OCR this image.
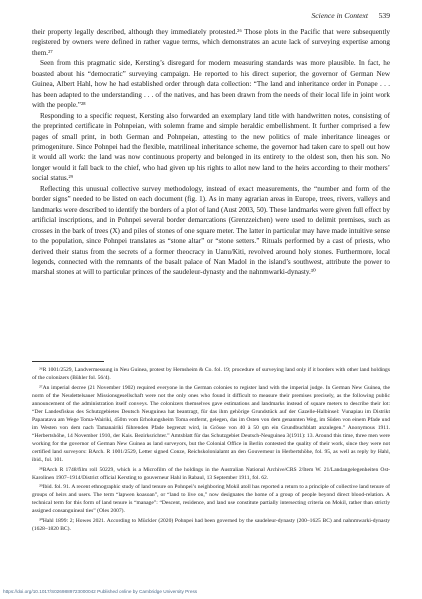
Science in Context 539

their property legally described, although they immediately protested.²⁶ Those plots in the Pacific that were subsequently registered by owners were defined in rather vague terms, which demonstrates an acute lack of surveying expertise among them.²⁷

Seen from this pragmatic side, Kersting’s disregard for modern measuring standards was more plausible. In fact, he boasted about his “democratic” surveying campaign. He reported to his direct superior, the governor of German New Guinea, Albert Hahl, how he had established order through data collection: “The land and inheritance order in Ponape . . . has been adapted to the understanding . . . of the natives, and has been drawn from the needs of their local life in joint work with the people.”²⁸

Responding to a specific request, Kersting also forwarded an exemplary land title with handwritten notes, consisting of the preprinted certificate in Pohnpeian, with solemn frame and simple heraldic embellishment. It further comprised a few pages of small print, in both German and Pohnpeian, attesting to the new politics of male inheritance lineages or primogeniture. Since Pohnpei had the flexible, matrilineal inheritance scheme, the governor had taken care to spell out how it would all work: the land was now continuous property and belonged in its entirety to the oldest son, then his son. No longer would it fall back to the chief, who had given up his rights to allot new land to the heirs according to their mothers’ social status.²⁹

Reflecting this unusual collective survey methodology, instead of exact measurements, the “number and form of the border signs” needed to be listed on each document (fig. 1). As in many agrarian areas in Europe, trees, rivers, valleys and landmarks were described to identify the borders of a plot of land (Aust 2003, 50). These landmarks were given full effect by artificial inscriptions, and in Pohnpei several border demarcations (Grenzzeichen) were used to delimit premises, such as crosses in the bark of trees (X) and piles of stones of one square meter. The latter in particular may have made intuitive sense to the population, since Pohnpei translates as “stone altar” or “stone setters.” Rituals performed by a cast of priests, who derived their status from the secrets of a former theocracy in Uanu/Kiti, revolved around holy stones. Furthermore, local legends, connected with the remnants of the basalt palace of Nan Madol in the island’s southwest, attribute the power to marshal stones at will to particular princes of the saudeleur-dynasty and the nahnmwarki-dynasty.³⁰

²⁶R 1001/2529, Landvermessung in Neu Guinea, protest by Hernsheim & Co. fol. 19; procedure of surveying land only if it borders with other land holdings of the colonizers (Bühler fol. 56/4).

²⁷An imperial decree (21 November 1902) required everyone in the German colonies to register land with the imperial judge. In German New Guinea, the norm of the Neudettelsauer Missionsgesellschaft were not the only ones who found it difficult to measure their premises precisely, as the following public announcement of the administration itself conveys. The colonizers themselves gave estimations and landmarks instead of square meters to describe their lot: “Der Landesfiskus des Schutzgebietes Deutsch Neuguinea hat beantragt, für das ihm gehörige Grundstück auf der Gazelle-Halbinsel: Vunapiau im Distrikt Paparatava am Wege Toma-Wairiki, 450m vom Erholungsheim Toma entfernt, gelegen, das im Osten von dem genannten Weg, im Süden von einem Pfade und im Westen von dem nach Tamanairiki führenden Pfade begrenzt wird, in Grösse von 40 à 50 qm ein Grundbuchblatt anzulegen.” Anonymous 1911. “Herbertshöhe, 14 November 1910, der Kais. Bezirksrichter.” Amtsblatt für das Schutzgebiet Deutsch-Neuguinea 3(1911): 13. Around this time, three men were working for the governor of German New Guinea as land surveyors, but the Colonial Office in Berlin contested the quality of their work, since they were not certified land surveyors: BArch. R 1001/2529, Letter signed Conze, Reichskolonialamt an den Gouverneur in Herbertshöhe, fol. 95, as well as reply by Hahl, ibid., fol. 101.

²⁸BArch R 1748/film roll 50229, which is a Microfilm of the holdings in the Australian National Archive/CRS 2/Item W. 21/Landangelegenheiten Ost-Karolinen 1907–1914/District official Kersting to gouverneur Hahl in Rabaul, 13 September 1911, fol. 62.

²⁹Ibid. fol. 91. A recent ethnographic study of land tenure on Pohnpei’s neighboring Mokil atoll has reported a return to a principle of collective land tenure of groups of heirs and users. The term “lapwen koasoan”, or “land to live on,” now designates the home of a group of people beyond direct blood-relation. A technical term for this form of land tenure is “manage”: “Descent, residence, and land use constitute partially intersecting criteria on Mokil, rather than strictly assigned consanguineal ties” (Oles 2007).

³⁰Hahl 1899: 2; Howes 2021. According to Mückler (2020) Pohnpei had been governed by the saudeleur-dynasty (200–1625 BC) and nahnmwarki-dynasty (1628–1820 BC).

https://doi.org/10.1017/S0269889723000042 Published online by Cambridge University Press
